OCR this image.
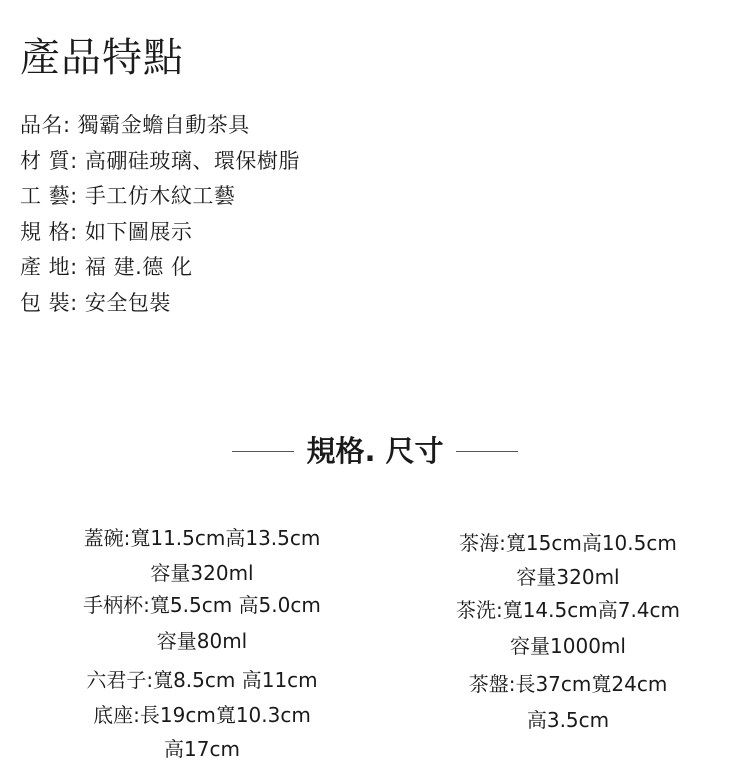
產品特點
品名: 獨霸金蟾自動茶具
材 質: 高硼硅玻璃、環保樹脂
工 藝: 手工仿木紋工藝
規 格: 如下圖展示
產 地: 福 建.德 化
包 裝: 安全包裝
規格. 尺寸
蓋碗:寬11.5cm高13.5cm
容量320ml
手柄杯:寬5.5cm 高5.0cm
容量80ml
六君子:寬8.5cm 高11cm
底座:長19cm寬10.3cm
高17cm
茶海:寬15cm高10.5cm
容量320ml
茶洗:寬14.5cm高7.4cm
容量1000ml
茶盤:長37cm寬24cm
高3.5cm
